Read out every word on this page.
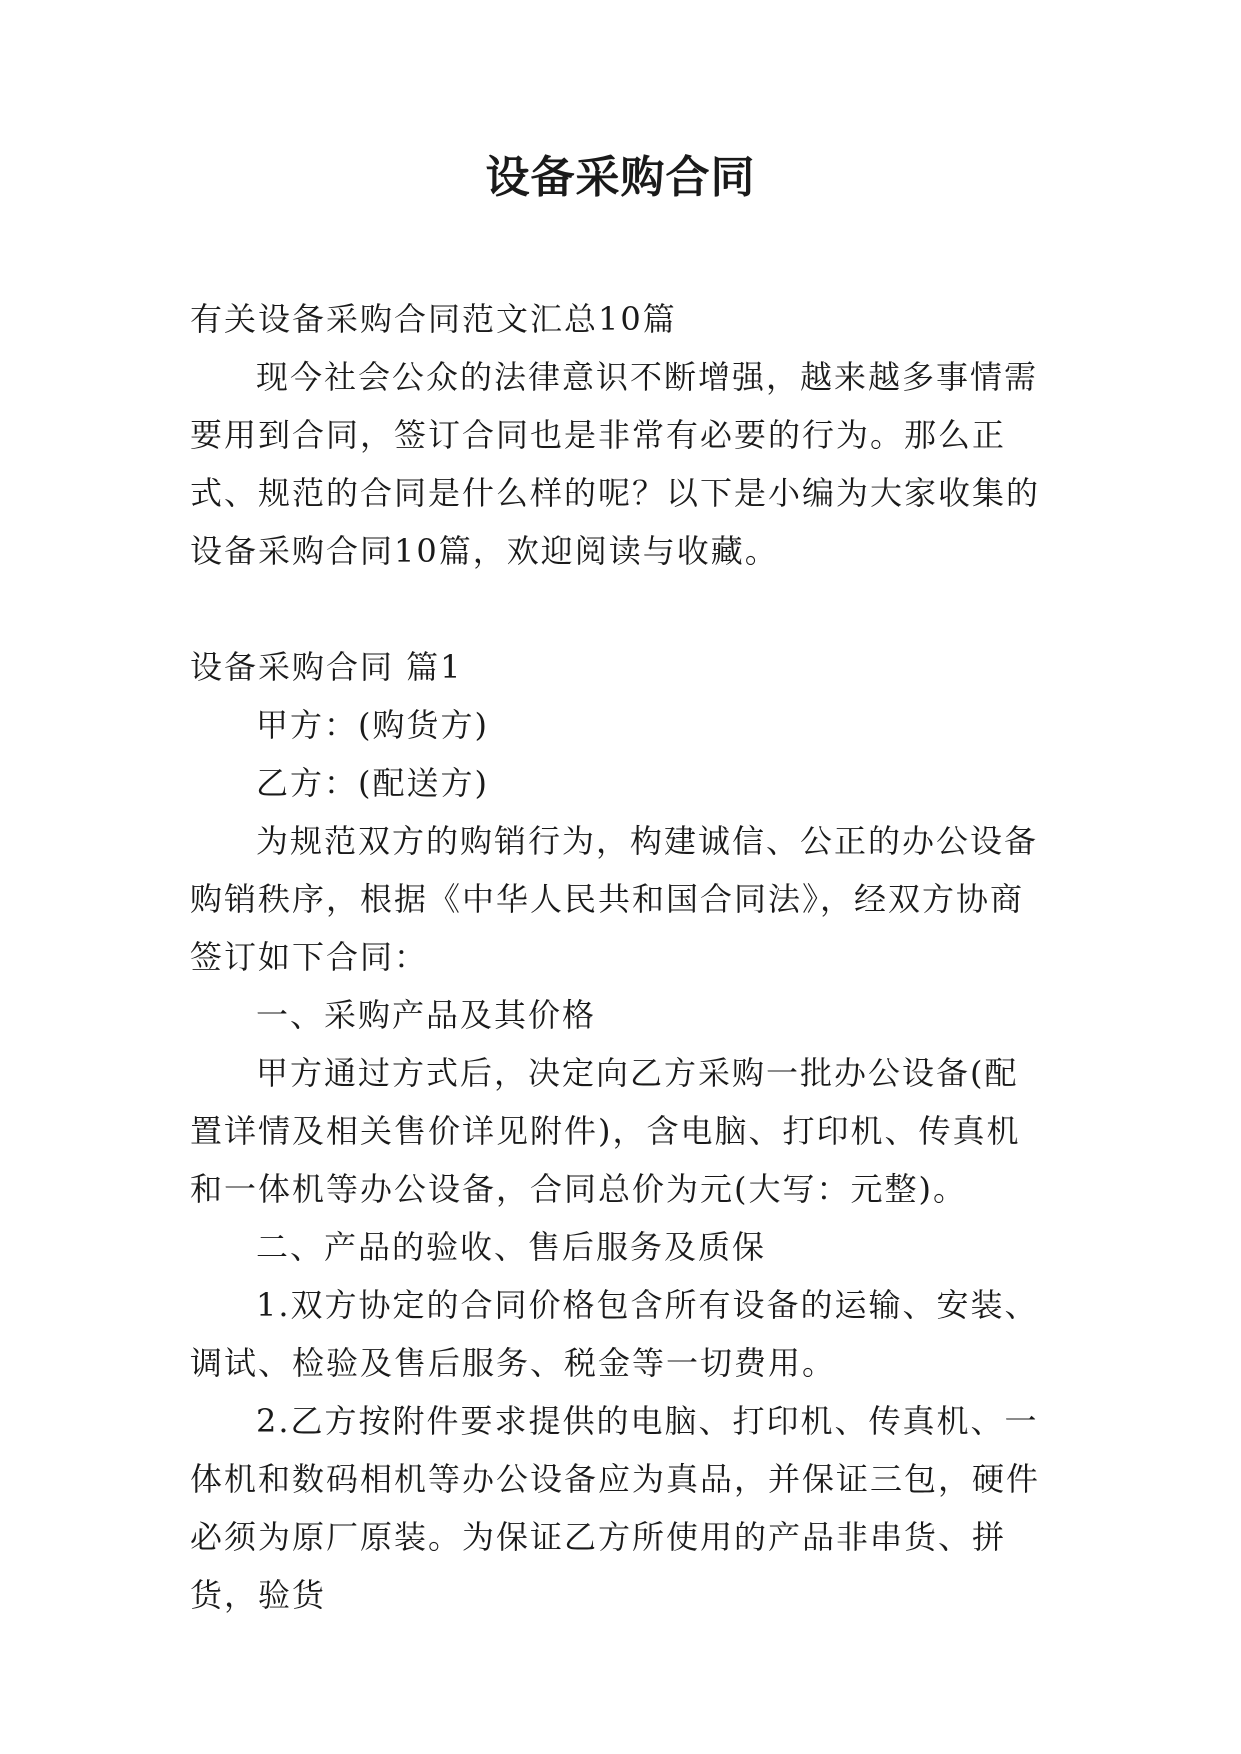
设备采购合同

有关设备采购合同范文汇总10篇

现今社会公众的法律意识不断增强，越来越多事情需要用到合同，签订合同也是非常有必要的行为。那么正式、规范的合同是什么样的呢？以下是小编为大家收集的设备采购合同10篇，欢迎阅读与收藏。

设备采购合同 篇1

甲方：(购货方)

乙方：(配送方)

为规范双方的购销行为，构建诚信、公正的办公设备购销秩序，根据《中华人民共和国合同法》，经双方协商签订如下合同：

一、采购产品及其价格

甲方通过方式后，决定向乙方采购一批办公设备(配置详情及相关售价详见附件)，含电脑、打印机、传真机和一体机等办公设备，合同总价为元(大写：元整)。

二、产品的验收、售后服务及质保

1.双方协定的合同价格包含所有设备的运输、安装、调试、检验及售后服务、税金等一切费用。

2.乙方按附件要求提供的电脑、打印机、传真机、一体机和数码相机等办公设备应为真品，并保证三包，硬件必须为原厂原装。为保证乙方所使用的产品非串货、拼货，验货
